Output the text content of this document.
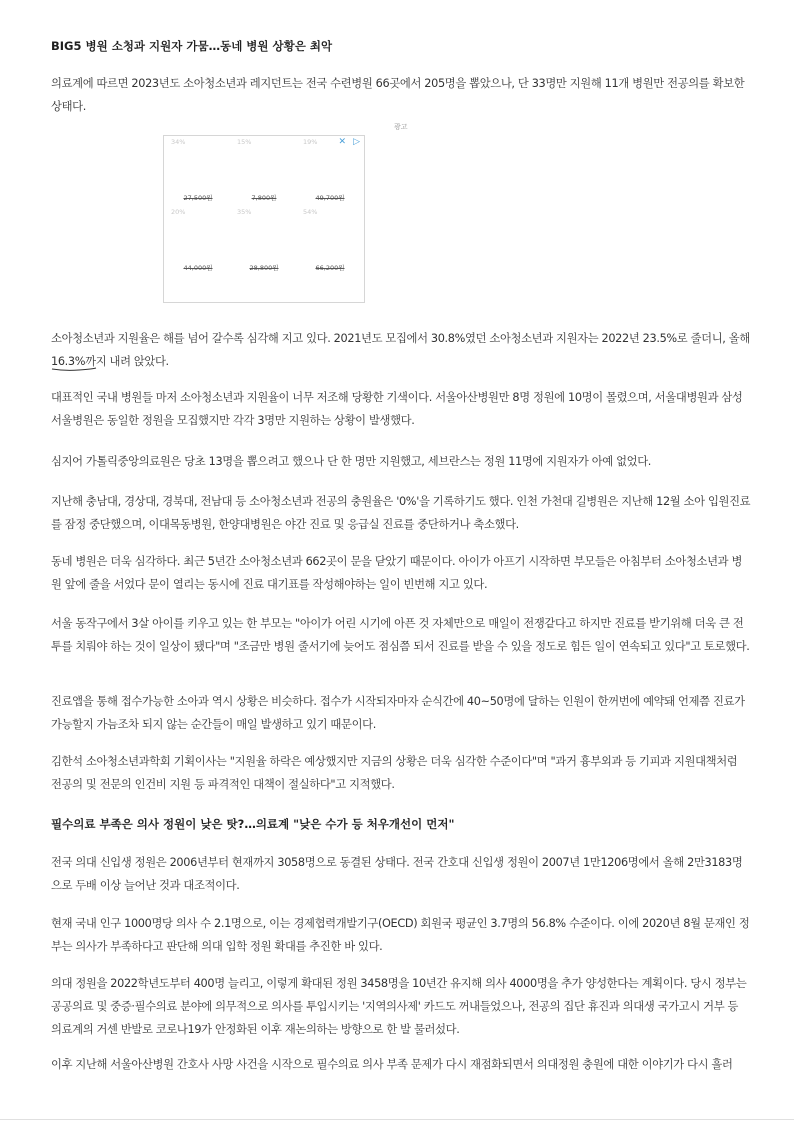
BIG5 병원 소청과 지원자 가뭄…동네 병원 상황은 최악

의료계에 따르면 2023년도 소아청소년과 레지던트는 전국 수련병원 66곳에서 205명을 뽑았으나, 단 33명만 지원해 11개 병원만 전공의를 확보한 상태다.

광고
✕ ▷
34%
27,500원
15%
7,800원
19%
49,700원
20%
44,000원
35%
28,800원
54%
66,200원

소아청소년과 지원율은 해를 넘어 갈수록 심각해 지고 있다. 2021년도 모집에서 30.8%였던 소아청소년과 지원자는 2022년 23.5%로 줄더니, 올해 16.3%까지 내려 앉았다.

대표적인 국내 병원들 마저 소아청소년과 지원율이 너무 저조해 당황한 기색이다. 서울아산병원만 8명 정원에 10명이 몰렸으며, 서울대병원과 삼성서울병원은 동일한 정원을 모집했지만 각각 3명만 지원하는 상황이 발생했다.

심지어 가톨릭중앙의료원은 당초 13명을 뽑으려고 했으나 단 한 명만 지원했고, 세브란스는 정원 11명에 지원자가 아예 없었다.

지난해 충남대, 경상대, 경북대, 전남대 등 소아청소년과 전공의 충원율은 '0%'을 기록하기도 했다. 인천 가천대 길병원은 지난해 12월 소아 입원진료를 잠정 중단했으며, 이대목동병원, 한양대병원은 야간 진료 및 응급실 진료를 중단하거나 축소했다.

동네 병원은 더욱 심각하다. 최근 5년간 소아청소년과 662곳이 문을 닫았기 때문이다. 아이가 아프기 시작하면 부모들은 아침부터 소아청소년과 병원 앞에 줄을 서었다 문이 열리는 동시에 진료 대기표를 작성해야하는 일이 빈번해 지고 있다.

서울 동작구에서 3살 아이를 키우고 있는 한 부모는 "아이가 어린 시기에 아픈 것 자체만으로 매일이 전쟁같다고 하지만 진료를 받기위해 더욱 큰 전투를 치뤄야 하는 것이 일상이 됐다"며 "조금만 병원 줄서기에 늦어도 점심쯤 되서 진료를 받을 수 있을 정도로 힘든 일이 연속되고 있다"고 토로했다.

진료앱을 통해 접수가능한 소아과 역시 상황은 비슷하다. 접수가 시작되자마자 순식간에 40~50명에 달하는 인원이 한꺼번에 예약돼 언제쯤 진료가 가능할지 가늠조차 되지 않는 순간들이 매일 발생하고 있기 때문이다.

김한석 소아청소년과학회 기획이사는 "지원율 하락은 예상했지만 지금의 상황은 더욱 심각한 수준이다"며 "과거 흉부외과 등 기피과 지원대책처럼 전공의 및 전문의 인건비 지원 등 파격적인 대책이 절실하다"고 지적했다.

필수의료 부족은 의사 정원이 낮은 탓?…의료계 "낮은 수가 등 처우개선이 먼저"

전국 의대 신입생 정원은 2006년부터 현재까지 3058명으로 동결된 상태다. 전국 간호대 신입생 정원이 2007년 1만1206명에서 올해 2만3183명으로 두배 이상 늘어난 것과 대조적이다.

현재 국내 인구 1000명당 의사 수 2.1명으로, 이는 경제협력개발기구(OECD) 회원국 평균인 3.7명의 56.8% 수준이다. 이에 2020년 8월 문재인 정부는 의사가 부족하다고 판단해 의대 입학 정원 확대를 추진한 바 있다.

의대 정원을 2022학년도부터 400명 늘리고, 이렇게 확대된 정원 3458명을 10년간 유지해 의사 4000명을 추가 양성한다는 계획이다. 당시 정부는 공공의료 및 중증·필수의료 분야에 의무적으로 의사를 투입시키는 '지역의사제' 카드도 꺼내들었으나, 전공의 집단 휴진과 의대생 국가고시 거부 등 의료계의 거센 반발로 코로나19가 안정화된 이후 재논의하는 방향으로 한 발 물러섰다.

이후 지난해 서울아산병원 간호사 사망 사건을 시작으로 필수의료 의사 부족 문제가 다시 재점화되면서 의대정원 충원에 대한 이야기가 다시 흘러
